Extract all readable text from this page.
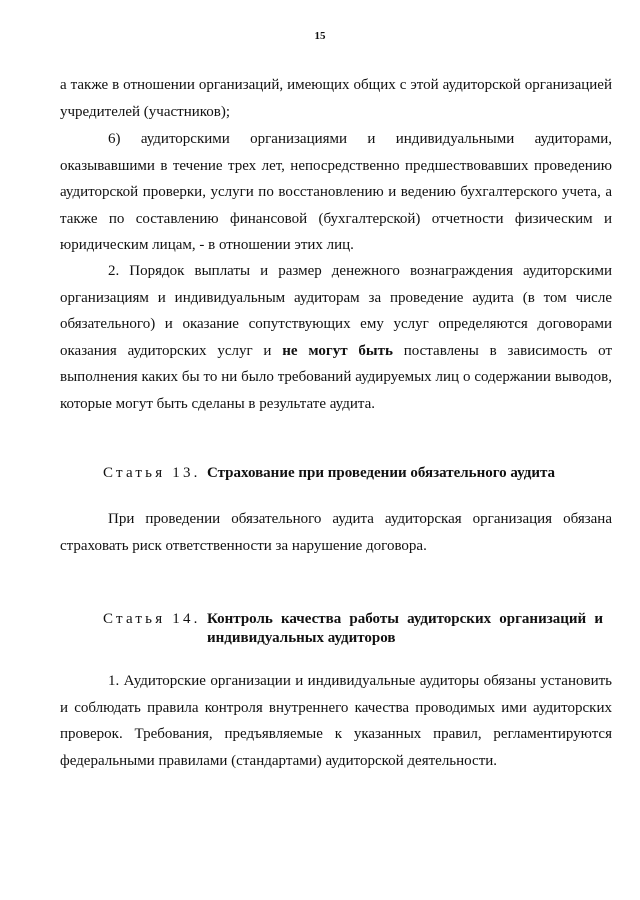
15
а также в отношении организаций, имеющих общих с этой аудиторской организацией учредителей (участников);
6) аудиторскими организациями и индивидуальными аудиторами, оказывавшими в течение трех лет, непосредственно предшествовавших проведению аудиторской проверки, услуги по восстановлению и ведению бухгалтерского учета, а также по составлению финансовой (бухгалтерской) отчетности физическим и юридическим лицам, - в отношении этих лиц.
2. Порядок выплаты и размер денежного вознаграждения аудиторскими организациям и индивидуальным аудиторам за проведение аудита (в том числе обязательного) и оказание сопутствующих ему услуг определяются договорами оказания аудиторских услуг и не могут быть поставлены в зависимость от выполнения каких бы то ни было требований аудируемых лиц о содержании выводов, которые могут быть сделаны в результате аудита.
Статья 13. Страхование при проведении обязательного аудита
При проведении обязательного аудита аудиторская организация обязана страховать риск ответственности за нарушение договора.
Статья 14. Контроль качества работы аудиторских организаций и индивидуальных аудиторов
1. Аудиторские организации и индивидуальные аудиторы обязаны установить и соблюдать правила контроля внутреннего качества проводимых ими аудиторских проверок. Требования, предъявляемые к указанных правил, регламентируются федеральными правилами (стандартами) аудиторской деятельности.
